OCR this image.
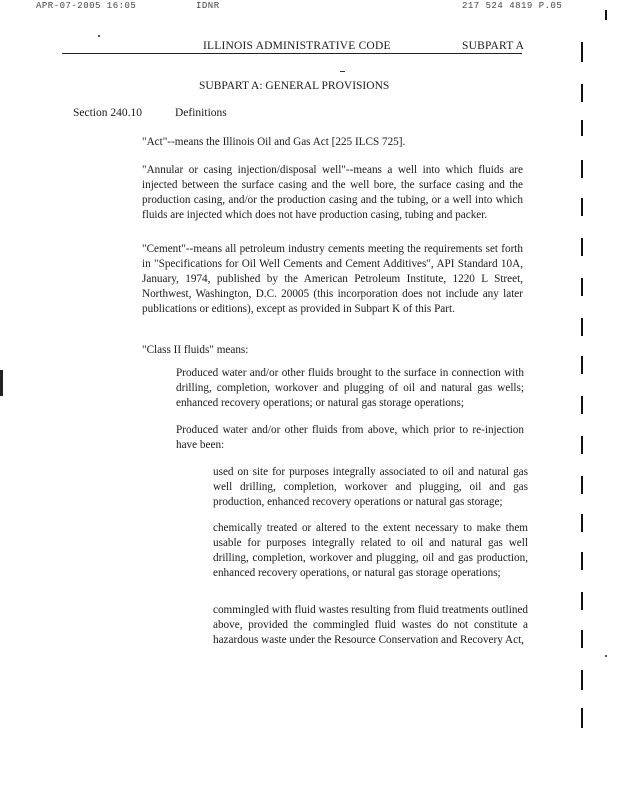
APR-07-2005 16:05	IDNR	217 524 4819 P.05
ILLINOIS ADMINISTRATIVE CODE	SUBPART A
SUBPART A: GENERAL PROVISIONS
Section 240.10	Definitions

"Act"--means the Illinois Oil and Gas Act [225 ILCS 725].

"Annular or casing injection/disposal well"--means a well into which fluids are injected between the surface casing and the well bore, the surface casing and the production casing, and/or the production casing and the tubing, or a well into which fluids are injected which does not have production casing, tubing and packer.

"Cement"--means all petroleum industry cements meeting the requirements set forth in "Specifications for Oil Well Cements and Cement Additives", API Standard 10A, January, 1974, published by the American Petroleum Institute, 1220 L Street, Northwest, Washington, D.C. 20005 (this incorporation does not include any later publications or editions), except as provided in Subpart K of this Part.

"Class II fluids" means:

Produced water and/or other fluids brought to the surface in connection with drilling, completion, workover and plugging of oil and natural gas wells; enhanced recovery operations; or natural gas storage operations;

Produced water and/or other fluids from above, which prior to re-injection have been:

used on site for purposes integrally associated to oil and natural gas well drilling, completion, workover and plugging, oil and gas production, enhanced recovery operations or natural gas storage;

chemically treated or altered to the extent necessary to make them usable for purposes integrally related to oil and natural gas well drilling, completion, workover and plugging, oil and gas production, enhanced recovery operations, or natural gas storage operations;

commingled with fluid wastes resulting from fluid treatments outlined above, provided the commingled fluid wastes do not constitute a hazardous waste under the Resource Conservation and Recovery Act,
